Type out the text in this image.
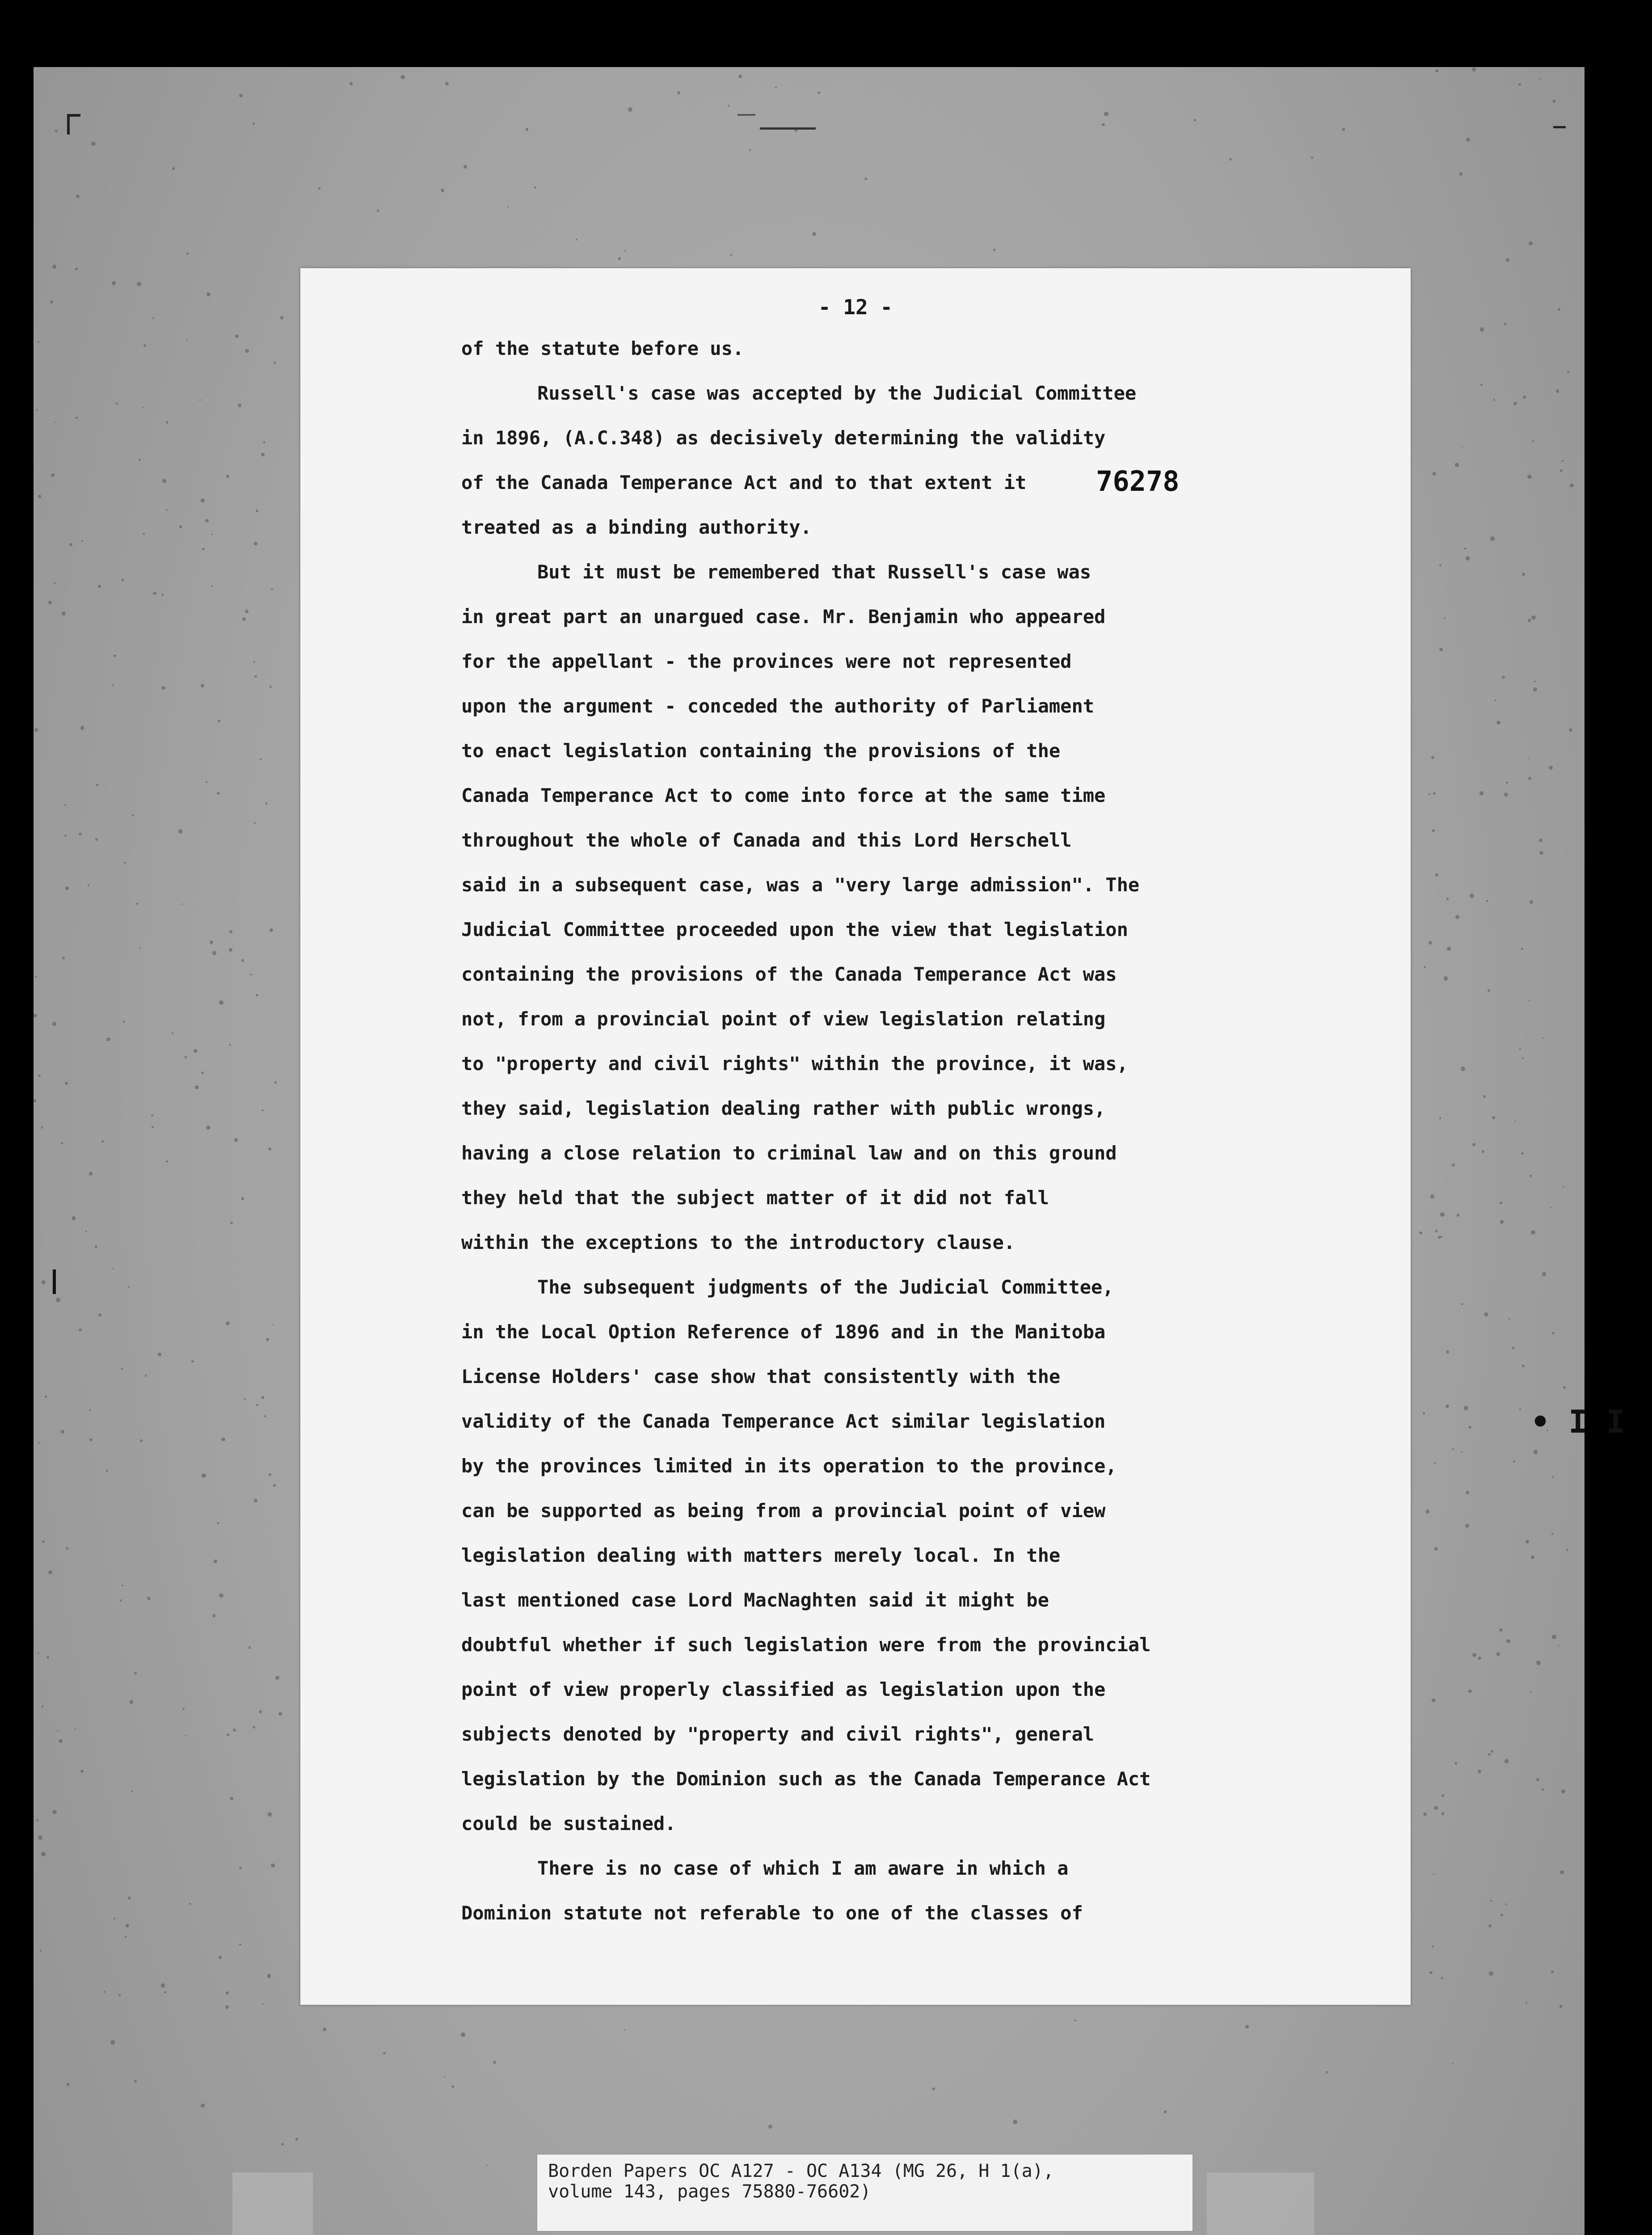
• I I
- 12 -
76278
of the statute before us.
Russell's case was accepted by the Judicial Committee
in 1896, (A.C.348) as decisively determining the validity
of the Canada Temperance Act and to that extent it
treated as a binding authority.
But it must be remembered that Russell's case was
in great part an unargued case. Mr. Benjamin who appeared
for the appellant - the provinces were not represented
upon the argument - conceded the authority of Parliament
to enact legislation containing the provisions of the
Canada Temperance Act to come into force at the same time
throughout the whole of Canada and this Lord Herschell
said in a subsequent case, was a "very large admission". The
Judicial Committee proceeded upon the view that legislation
containing the provisions of the Canada Temperance Act was
not, from a provincial point of view legislation relating
to "property and civil rights" within the province, it was,
they said, legislation dealing rather with public wrongs,
having a close relation to criminal law and on this ground
they held that the subject matter of it did not fall
within the exceptions to the introductory clause.
The subsequent judgments of the Judicial Committee,
in the Local Option Reference of 1896 and in the Manitoba
License Holders' case show that consistently with the
validity of the Canada Temperance Act similar legislation
by the provinces limited in its operation to the province,
can be supported as being from a provincial point of view
legislation dealing with matters merely local. In the
last mentioned case Lord MacNaghten said it might be
doubtful whether if such legislation were from the provincial
point of view properly classified as legislation upon the
subjects denoted by "property and civil rights", general
legislation by the Dominion such as the Canada Temperance Act
could be sustained.
There is no case of which I am aware in which a
Dominion statute not referable to one of the classes of
Borden Papers OC A127 - OC A134 (MG 26, H 1(a),
volume 143, pages 75880-76602)
